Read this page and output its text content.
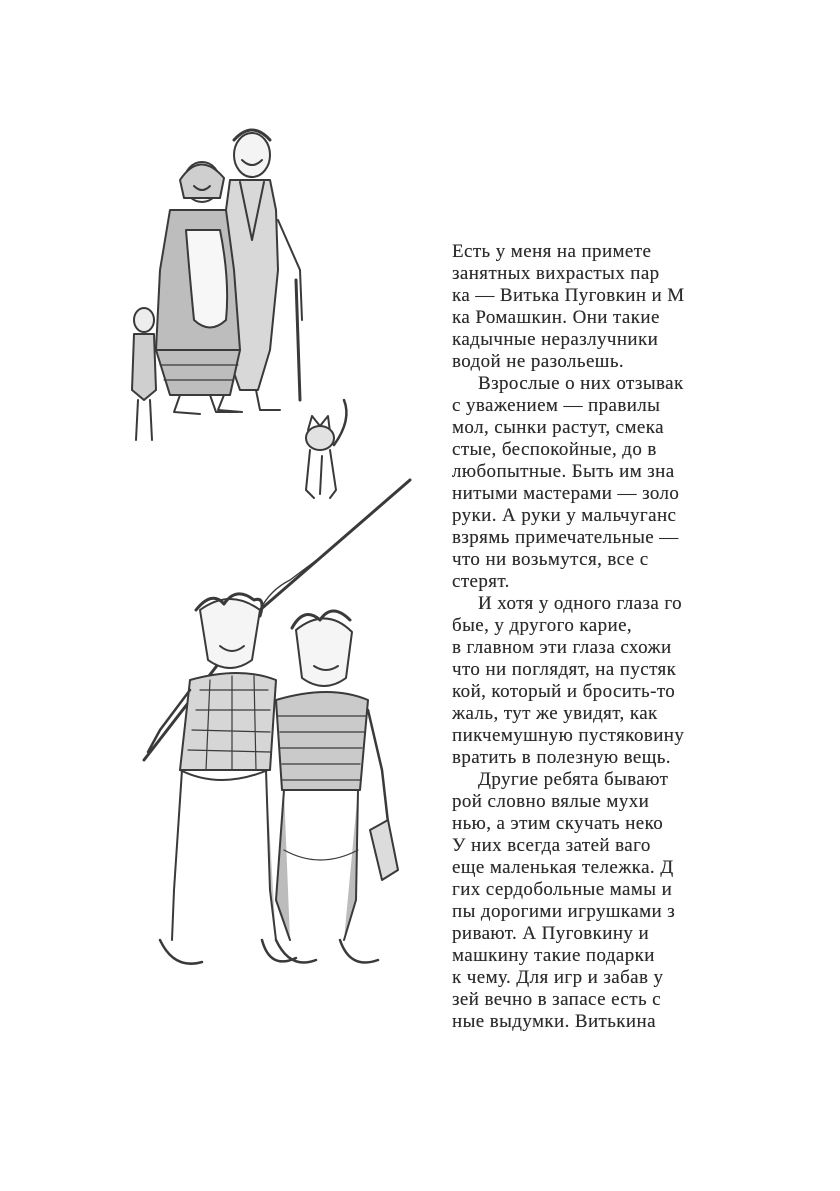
Есть у меня на примете
занятных вихрастых пар
ка — Витька Пуговкин и М
ка Ромашкин. Они такие
кадычные неразлучники
водой не разольешь.
Взрослые о них отзывак
с уважением — правилы
мол, сынки растут, смека
стые, беспокойные, до в
любопытные. Быть им зна
нитыми мастерами — золо
руки. А руки у мальчуганс
взрямь примечательные —
что ни возьмутся, все с
стерят.
И хотя у одного глаза го
бые, у другого карие,
в главном эти глаза схожи
что ни поглядят, на пустяк
кой, который и бросить-то
жаль, тут же увидят, как
пикчемушную пустяковину
вратить в полезную вещь.
Другие ребята бывают
рой словно вялые мухи
нью, а этим скучать неко
У них всегда затей ваго
еще маленькая тележка. Д
гих сердобольные мамы и
пы дорогими игрушками з
ривают. А Пуговкину и
машкину такие подарки
к чему. Для игр и забав у
зей вечно в запасе есть с
ные выдумки. Витькина
